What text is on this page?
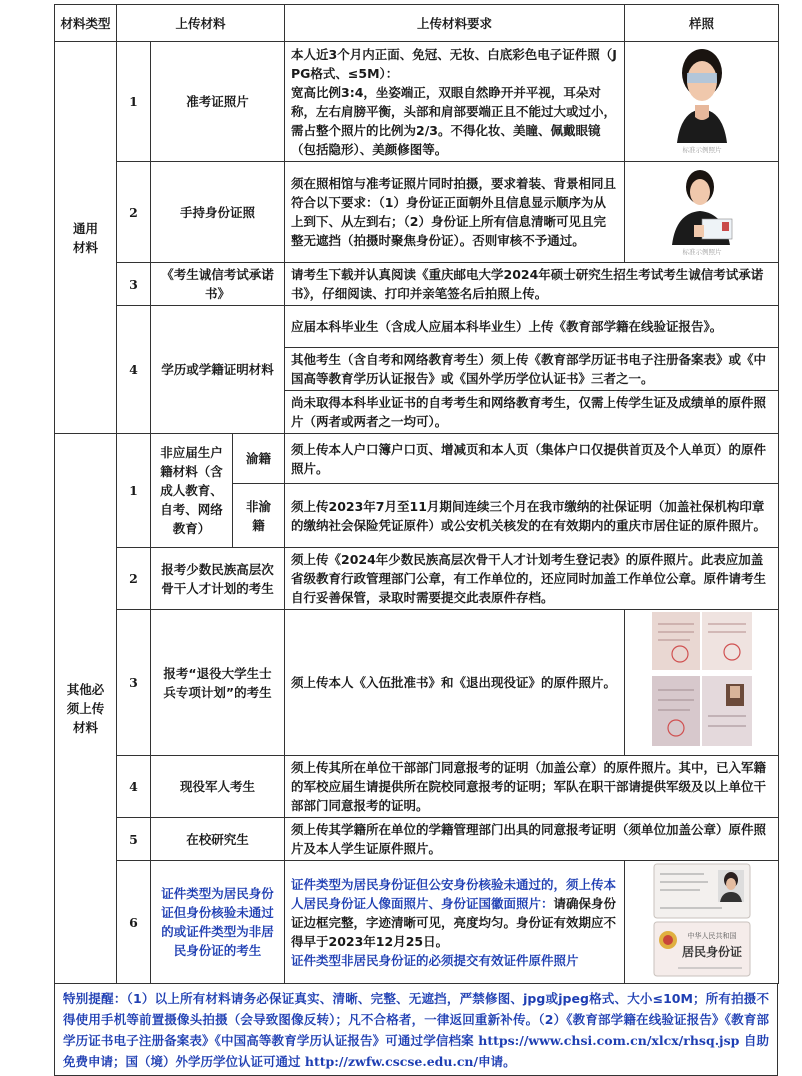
材料类型	上传材料			上传材料要求	样照
通用材料	1	准考证照片		本人近3个月内正面、免冠、无妆、白底彩色电子证件照（JPG格式、≤5M）：
宽高比例3:4，坐姿端正，双眼自然睁开并平视，耳朵对称，左右肩膀平衡，头部和肩部要端正且不能过大或过小，需占整个照片的比例为2/3。不得化妆、美瞳、佩戴眼镜（包括隐形）、美颜修图等。	标准示例照片

	2	手持身份证照		须在照相馆与准考证照片同时拍摄，要求着装、背景相同且符合以下要求：（1）身份证正面朝外且信息显示顺序为从上到下、从左到右；（2）身份证上所有信息清晰可见且完整无遮挡（拍摄时聚焦身份证）。否则审核不予通过。	标准示例照片

	3	《考生诚信考试承诺书》		请考生下载并认真阅读《重庆邮电大学2024年硕士研究生招生考试考生诚信考试承诺书》，仔细阅读、打印并亲笔签名后拍照上传。	
	4	学历或学籍证明材料		应届本科毕业生（含成人应届本科毕业生）上传《教育部学籍在线验证报告》。	
				其他考生（含自考和网络教育考生）须上传《教育部学历证书电子注册备案表》或《中国高等教育学历认证报告》或《国外学历学位认证书》三者之一。	
				尚未取得本科毕业证书的自考考生和网络教育考生，仅需上传学生证及成绩单的原件照片（两者或两者之一均可）。	
其他必须上传材料	1	非应届生户籍材料（含成人教育、自考、网络教育）	渝籍	须上传本人户口簿户口页、增减页和本人页（集体户口仅提供首页及个人单页）的原件照片。	
			非渝籍	须上传2023年7月至11月期间连续三个月在我市缴纳的社保证明（加盖社保机构印章的缴纳社会保险凭证原件）或公安机关核发的在有效期内的重庆市居住证的原件照片。	
	2	报考少数民族高层次骨干人才计划的考生		须上传《2024年少数民族高层次骨干人才计划考生登记表》的原件照片。此表应加盖省级教育行政管理部门公章，有工作单位的，还应同时加盖工作单位公章。原件请考生自行妥善保管，录取时需要提交此表原件存档。	
	3	报考“退役大学生士兵专项计划”的考生		须上传本人《入伍批准书》和《退出现役证》的原件照片。	
	4	现役军人考生		须上传其所在单位干部部门同意报考的证明（加盖公章）的原件照片。其中，已入军籍的军校应届生请提供所在院校同意报考的证明；军队在职干部请提供军级及以上单位干部部门同意报考的证明。	
	5	在校研究生		须上传其学籍所在单位的学籍管理部门出具的同意报考证明（须单位加盖公章）原件照片及本人学生证原件照片。	
	6	证件类型为居民身份证但身份核验未通过的或证件类型为非居民身份证的考生		证件类型为居民身份证但公安身份核验未通过的，须上传本人居民身份证人像面照片、身份证国徽面照片：请确保身份证边框完整，字迹清晰可见，亮度均匀。身份证有效期应不得早于2023年12月25日。
证件类型非居民身份证的必须提交有效证件原件照片	中华人民共和国
居民身份证
特别提醒：（1）以上所有材料请务必保证真实、清晰、完整、无遮挡，严禁修图、jpg或jpeg格式、大小≤10M；所有拍摄不得使用手机等前置摄像头拍摄（会导致图像反转）；凡不合格者，一律返回重新补传。（2）《教育部学籍在线验证报告》《教育部学历证书电子注册备案表》《中国高等教育学历认证报告》可通过学信档案 https://www.chsi.com.cn/xlcx/rhsq.jsp 自助免费申请；国（境）外学历学位认证可通过 http://zwfw.cscse.edu.cn/申请。
